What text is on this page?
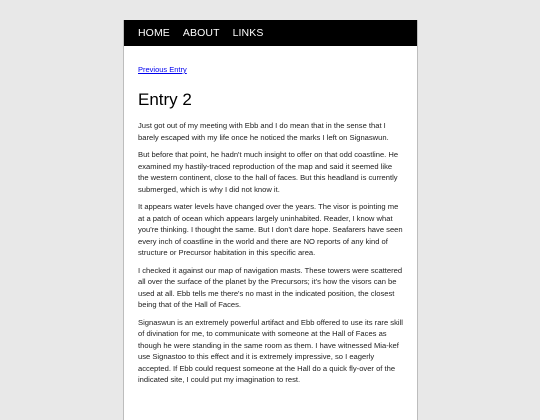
HOME ABOUT LINKS
Previous Entry
Entry 2

Just got out of my meeting with Ebb and I do mean that in the sense that I barely escaped with my life once he noticed the marks I left on Signaswun.

But before that point, he hadn't much insight to offer on that odd coastline. He examined my hastily-traced reproduction of the map and said it seemed like the western continent, close to the hall of faces. But this headland is currently submerged, which is why I did not know it.

It appears water levels have changed over the years. The visor is pointing me at a patch of ocean which appears largely uninhabited. Reader, I know what you're thinking. I thought the same. But I don't dare hope. Seafarers have seen every inch of coastline in the world and there are NO reports of any kind of structure or Precursor habitation in this specific area.

I checked it against our map of navigation masts. These towers were scattered all over the surface of the planet by the Precursors; it's how the visors can be used at all. Ebb tells me there's no mast in the indicated position, the closest being that of the Hall of Faces.

Signaswun is an extremely powerful artifact and Ebb offered to use its rare skill of divination for me, to communicate with someone at the Hall of Faces as though he were standing in the same room as them. I have witnessed Mia-kef use Signastoo to this effect and it is extremely impressive, so I eagerly accepted. If Ebb could request someone at the Hall do a quick fly-over of the indicated site, I could put my imagination to rest.
